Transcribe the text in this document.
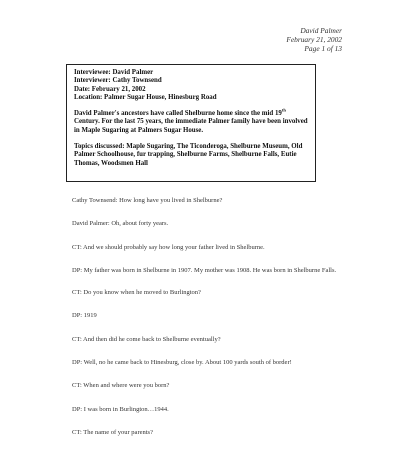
David Palmer
February 21, 2002
Page 1 of 13
Interviewee: David Palmer
Interviewer: Cathy Townsend
Date: February 21, 2002
Location: Palmer Sugar House, Hinesburg Road

David Palmer's ancestors have called Shelburne home since the mid 19th Century. For the last 75 years, the immediate Palmer family have been involved in Maple Sugaring at Palmers Sugar House.

Topics discussed: Maple Sugaring, The Ticonderoga, Shelburne Museum, Old Palmer Schoolhouse, fur trapping, Shelburne Farms, Shelburne Falls, Eutie Thomas, Woodsmen Hall

Cathy Townsend: How long have you lived in Shelburne?

David Palmer: Oh, about forty years.

CT: And we should probably say how long your father lived in Shelburne.

DP: My father was born in Shelburne in 1907. My mother was 1908. He was born in Shelburne Falls.

CT: Do you know when he moved to Burlington?

DP: 1919

CT: And then did he come back to Shelburne eventually?

DP: Well, no he came back to Hinesburg, close by. About 100 yards south of border!

CT: When and where were you born?

DP: I was born in Burlington…1944.

CT: The name of your parents?
